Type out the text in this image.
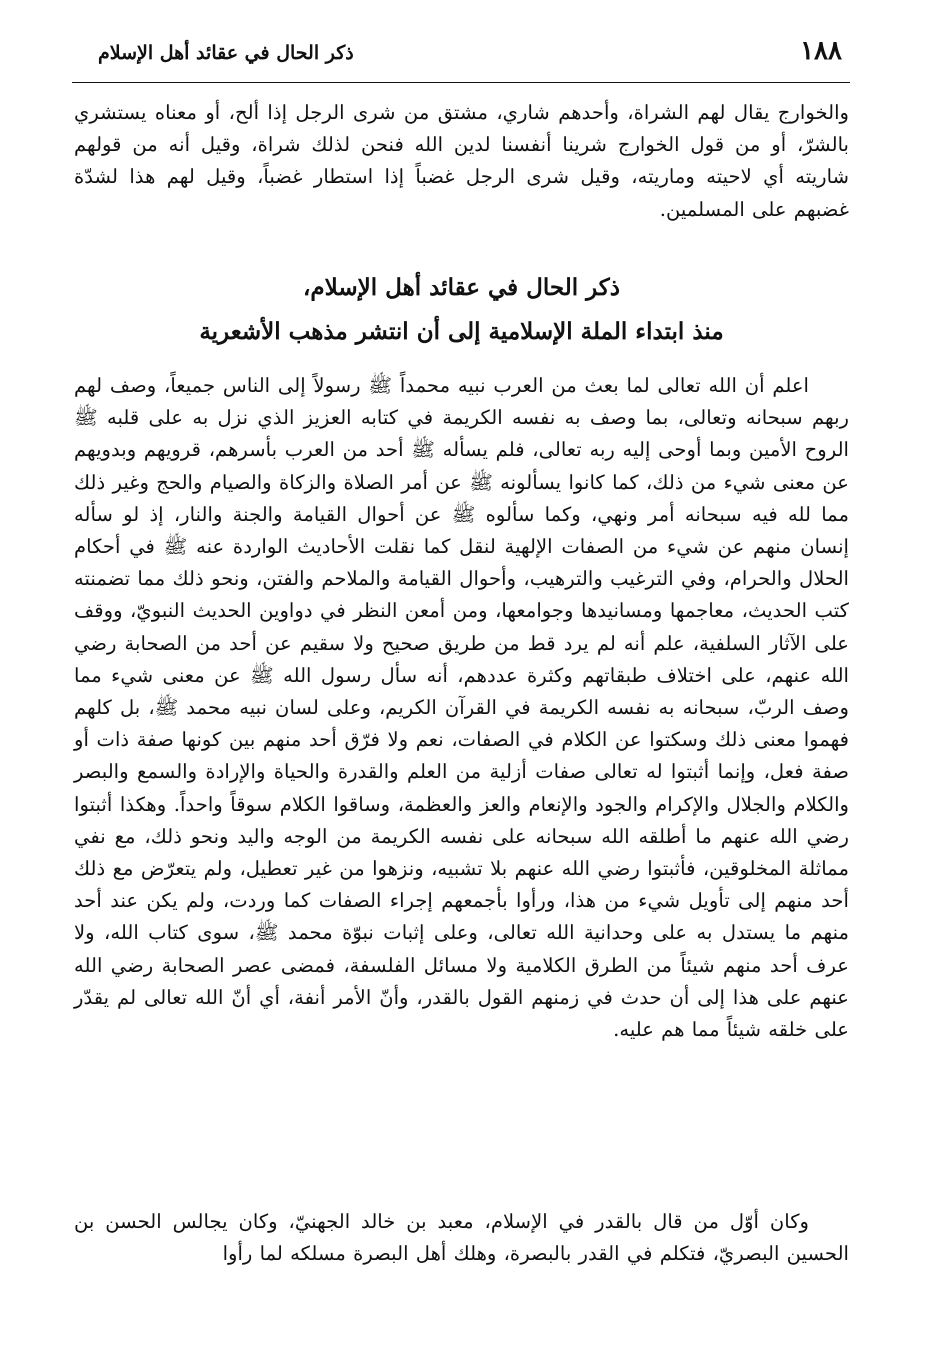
١٨٨
ذكر الحال في عقائد أهل الإسلام

والخوارج يقال لهم الشراة، وأحدهم شاري، مشتق من شرى الرجل إذا ألح، أو معناه يستشري بالشرّ، أو من قول الخوارج شرينا أنفسنا لدين الله فنحن لذلك شراة، وقيل أنه من قولهم شاريته أي لاحيته وماريته، وقيل شرى الرجل غضباً إذا استطار غضباً، وقيل لهم هذا لشدّة غضبهم على المسلمين.

ذكر الحال في عقائد أهل الإسلام،
منذ ابتداء الملة الإسلامية إلى أن انتشر مذهب الأشعرية

اعلم أن الله تعالى لما بعث من العرب نبيه محمداً ﷺ رسولاً إلى الناس جميعاً، وصف لهم ربهم سبحانه وتعالى، بما وصف به نفسه الكريمة في كتابه العزيز الذي نزل به على قلبه ﷺ الروح الأمين وبما أوحى إليه ربه تعالى، فلم يسأله ﷺ أحد من العرب بأسرهم، قرويهم وبدويهم عن معنى شيء من ذلك، كما كانوا يسألونه ﷺ عن أمر الصلاة والزكاة والصيام والحج وغير ذلك مما لله فيه سبحانه أمر ونهي، وكما سألوه ﷺ عن أحوال القيامة والجنة والنار، إذ لو سأله إنسان منهم عن شيء من الصفات الإلهية لنقل كما نقلت الأحاديث الواردة عنه ﷺ في أحكام الحلال والحرام، وفي الترغيب والترهيب، وأحوال القيامة والملاحم والفتن، ونحو ذلك مما تضمنته كتب الحديث، معاجمها ومسانيدها وجوامعها، ومن أمعن النظر في دواوين الحديث النبويّ، ووقف على الآثار السلفية، علم أنه لم يرد قط من طريق صحيح ولا سقيم عن أحد من الصحابة رضي الله عنهم، على اختلاف طبقاتهم وكثرة عددهم، أنه سأل رسول الله ﷺ عن معنى شيء مما وصف الربّ، سبحانه به نفسه الكريمة في القرآن الكريم، وعلى لسان نبيه محمد ﷺ، بل كلهم فهموا معنى ذلك وسكتوا عن الكلام في الصفات، نعم ولا فرّق أحد منهم بين كونها صفة ذات أو صفة فعل، وإنما أثبتوا له تعالى صفات أزلية من العلم والقدرة والحياة والإرادة والسمع والبصر والكلام والجلال والإكرام والجود والإنعام والعز والعظمة، وساقوا الكلام سوقاً واحداً. وهكذا أثبتوا رضي الله عنهم ما أطلقه الله سبحانه على نفسه الكريمة من الوجه واليد ونحو ذلك، مع نفي مماثلة المخلوقين، فأثبتوا رضي الله عنهم بلا تشبيه، ونزهوا من غير تعطيل، ولم يتعرّض مع ذلك أحد منهم إلى تأويل شيء من هذا، ورأوا بأجمعهم إجراء الصفات كما وردت، ولم يكن عند أحد منهم ما يستدل به على وحدانية الله تعالى، وعلى إثبات نبوّة محمد ﷺ، سوى كتاب الله، ولا عرف أحد منهم شيئاً من الطرق الكلامية ولا مسائل الفلسفة، فمضى عصر الصحابة رضي الله عنهم على هذا إلى أن حدث في زمنهم القول بالقدر، وأنّ الأمر أنفة، أي أنّ الله تعالى لم يقدّر على خلقه شيئاً مما هم عليه.

وكان أوّل من قال بالقدر في الإسلام، معبد بن خالد الجهنيّ، وكان يجالس الحسن بن الحسين البصريّ، فتكلم في القدر بالبصرة، وهلك أهل البصرة مسلكه لما رأوا
